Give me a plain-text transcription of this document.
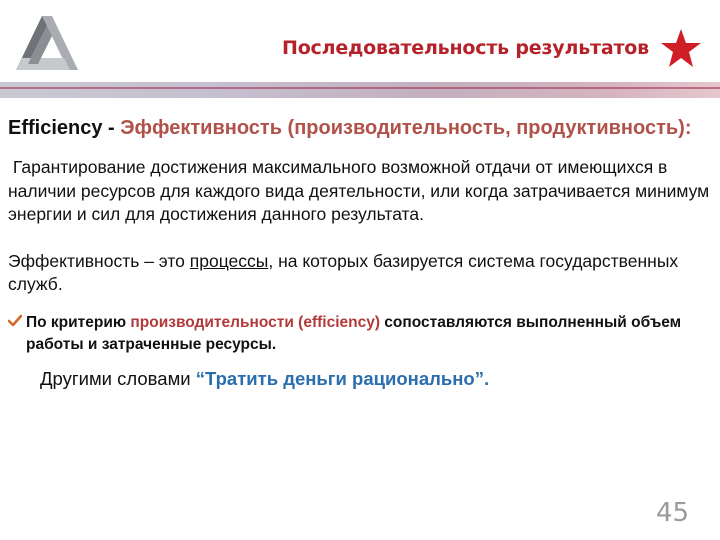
Последовательность результатов

Efficiency - Эффективность (производительность, продуктивность):

Гарантирование достижения максимального возможной отдачи от имеющихся в наличии ресурсов для каждого вида деятельности, или когда затрачивается минимум энергии и сил для достижения данного результата.

Эффективность – это процессы, на которых базируется система государственных служб.

По критерию производительности (efficiency) сопоставляются выполненный объем работы и затраченные ресурсы.

Другими словами “Тратить деньги рационально”.

45
